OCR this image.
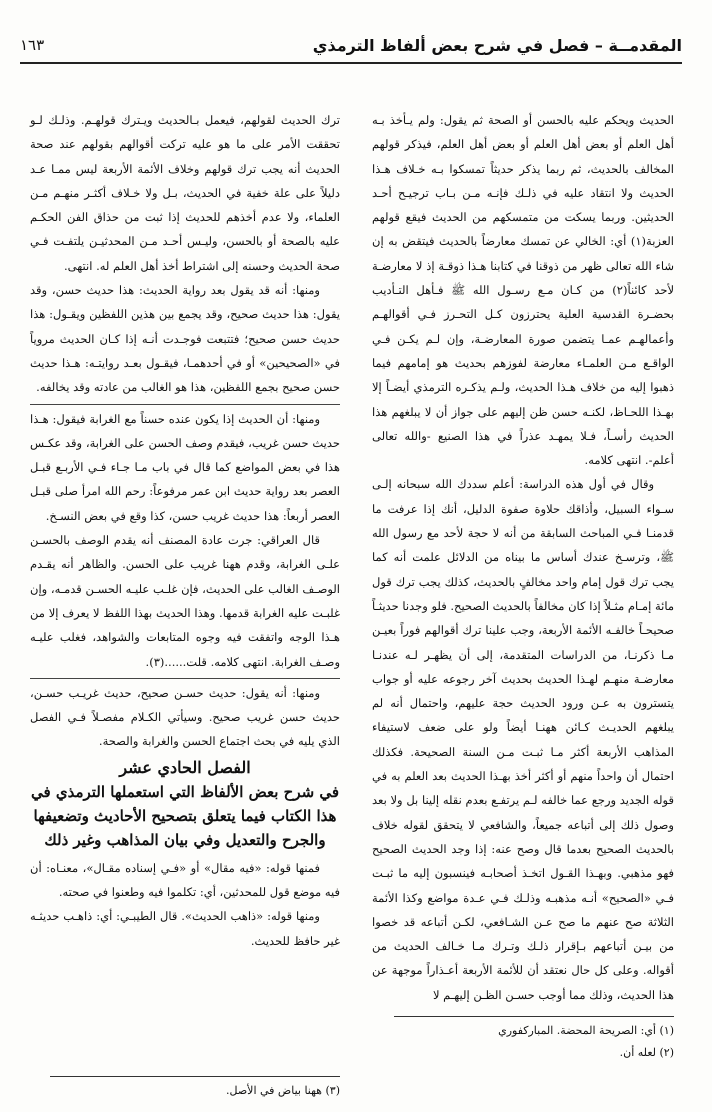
المقدمــة – فصل في شرح بعض ألفاظ الترمذي
١٦٣

الحديث ويحكم عليه بالحسن أو الصحة ثم يقول: ولم يـأخذ بـه أهل العلم أو بعض أهل العلم أو بعض أهل العلم، فيذكر قولهم المخالف بالحديث، ثم ربما يذكر حديثاً تمسكوا بـه خـلاف هـذا الحديث ولا انتقاد عليه في ذلـك فإنـه مـن بـاب ترجيـح أحـد الحديثين. وربما يسكت من متمسكهم من الحديث فيقع قولهم العزبة(١) أي: الخالي عن تمسك معارضاً بالحديث فيتقض به إن شاء الله تعالى ظهر من ذوقنا في كتابنا هـذا ذوقـة إذ لا معارضـة لأحد كائناً(٢) من كـان مـع رسـول الله ﷺ فـأهل التـأديب بحضـرة القدسية العلية يحترزون كـل التحـرز فـي أقوالهـم وأعمالهـم عمـا يتضمن صورة المعارضـة، وإن لـم يكـن فـي الواقـع مـن العلمـاء معارضة لفوزهم بحديث هو إمامهم فيما ذهبوا إليه من خلاف هـذا الحديث، ولـم يذكـره الترمذي أيضـاً إلا بهـذا اللحـاظ، لكنـه حسن ظن إليهم على جواز أن لا يبلغهم هذا الحديث رأسـاً، فـلا يمهـد عذراً في هذا الصنيع -والله تعالى أعلم-. انتهى كلامه.

وقال في أول هذه الدراسة: أعلم سددك الله سبحانه إلـى سـواء السبيل، وأذاقك حلاوة صفوة الدليل، أنك إذا عرفت ما قدمنـا فـي المباحث السابقة من أنه لا حجة لأحد مع رسول الله ﷺ، وترسـخ عندك أساس ما بيناه من الدلائل علمت أنه كما يجب ترك قول إمام واحد مخالفٍ بالحديث، كذلك يجب ترك قول مائة إمـام مثـلاً إذا كان مخالفاً بالحديث الصحيح. فلو وجدنا حديثـاً صحيحـاً خالفـه الأئمة الأربعة، وجب علينا ترك أقوالهم فوراً بعيـن مـا ذكرنـا، من الدراسات المتقدمة، إلى أن يظهـر لـه عندنـا معارضـة منهـم لهـذا الحديث بحديث آخر رجوعه عليه أو جواب يتسترون به عـن ورود الحديث حجة عليهم، واحتمال أنه لم يبلغهم الحديـث كـائن ههنـا أيضاً ولو على ضعف لاستيفاء المذاهب الأربعة أكثر مـا ثبـت مـن السنة الصحيحة. فكذلك احتمال أن واحداً منهم أو أكثر أخذ بهـذا الحديث بعد العلم به في قوله الجديد ورجع عما خالفه لـم يرتفـع بعدم نقله إلينا بل ولا بعد وصول ذلك إلى أتباعه جميعاً، والشافعي لا يتحقق لقوله خلاف بالحديث الصحيح بعدما قال وصح عنه: إذا وجد الحديث الصحيح فهو مذهبي. وبهـذا القـول اتخـذ أصحابـه فينسبون إليه ما ثبـت فـي «الصحيح» أنـه مذهبـه وذلـك فـي عـدة مواضع وكذا الأئمة الثلاثة صح عنهم ما صح عـن الشـافعي، لكـن أتباعه قد خصوا من بيـن أتباعهم بـإقرار ذلـك وتـرك مـا خـالف الحديث من أقواله. وعلى كل حال نعتقد أن للأئمة الأربعة أعـذاراً موجهة عن هذا الحديث، وذلك مما أوجب حسـن الظـن إليهـم لا

ترك الحديث لقولهم، فيعمل بـالحديث ويـترك قولهـم. وذلـك لـو تحققت الأمر على ما هو عليه تركت أقوالهم بقولهم عند صحة الحديث أنه يجب ترك قولهم وخلاف الأئمة الأربعة ليس ممـا عـد دليلاً على علة خفية في الحديث، بـل ولا خـلاف أكثـر منهـم مـن العلماء، ولا عدم أخذهم للحديث إذا ثبت من حذاق الفن الحكـم عليه بالصحة أو بالحسن، وليـس أحـد مـن المحدثيـن يلتفـت فـي صحة الحديث وحسنه إلى اشتراط أخذ أهل العلم له. انتهى.

ومنها: أنه قد يقول بعد رواية الحديث: هذا حديث حسن، وقد يقول: هذا حديث صحيح، وقد يجمع بين هذين اللفظين ويقـول: هذا حديث حسن صحيح؛ فتتبعت فوجـدت أنـه إذا كـان الحديث مروياً في «الصحيحين» أو في أحدهمـا، فيقـول بعـد روايتـه: هـذا حديث حسن صحيح بجمع اللفظين، هذا هو الغالب من عادته وقد يخالفه.

ومنها: أن الحديث إذا يكون عنده حسناً مع الغرابة فيقول: هـذا حديث حسن غريب، فيقدم وصف الحسن على الغرابة، وقد عكـس هذا في بعض المواضع كما قال في باب مـا جـاء فـي الأربـع قبـل العصر بعد رواية حديث ابن عمر مرفوعاً: رحم الله امرأ صلى قبـل العصر أربعاً: هذا حديث غريب حسن، كذا وقع في بعض النسـخ.

قال العراقي: جرت عادة المصنف أنه يقدم الوصف بالحسـن علـى الغرابة، وقدم ههنا غريب على الحسن. والظاهر أنه يقـدم الوصـف الغالب على الحديث، فإن غلـب عليـه الحسـن قدمـه، وإن غلبـت عليه الغرابة قدمها. وهذا الحديث بهذا اللفظ لا يعرف إلا من هـذا الوجه واتفقت فيه وجوه المتابعات والشواهد، فغلب عليـه وصـف الغرابة. انتهى كلامه. قلت......(٣).

ومنها: أنه يقول: حديث حسـن صحيح، حديث غريـب حسـن، حديث حسن غريب صحيح. وسيأتي الكـلام مفصـلاً فـي الفصل الذي يليه في بحث اجتماع الحسن والغرابة والصحة.

الفصل الحادي عشر
في شرح بعض الألفاظ التي استعملها الترمذي في هذا الكتاب فيما يتعلق بتصحيح الأحاديث وتضعيفها والجرح والتعديل وفي بيان المذاهب وغير ذلك

فمنها قوله: «فيه مقال» أو «فـي إسناده مقـال»، معنـاه: أن فيه موضع قول للمحدثين، أي: تكلموا فيه وطعنوا في صحته.

ومنها قوله: «ذاهب الحديث». قال الطيبـي: أي: ذاهـب حديثـه غير حافظ للحديث.

(١) أي: الصريحة المحضة. المباركفوري
(٢) لعله أن.
(٣) ههنا بياض في الأصل.
